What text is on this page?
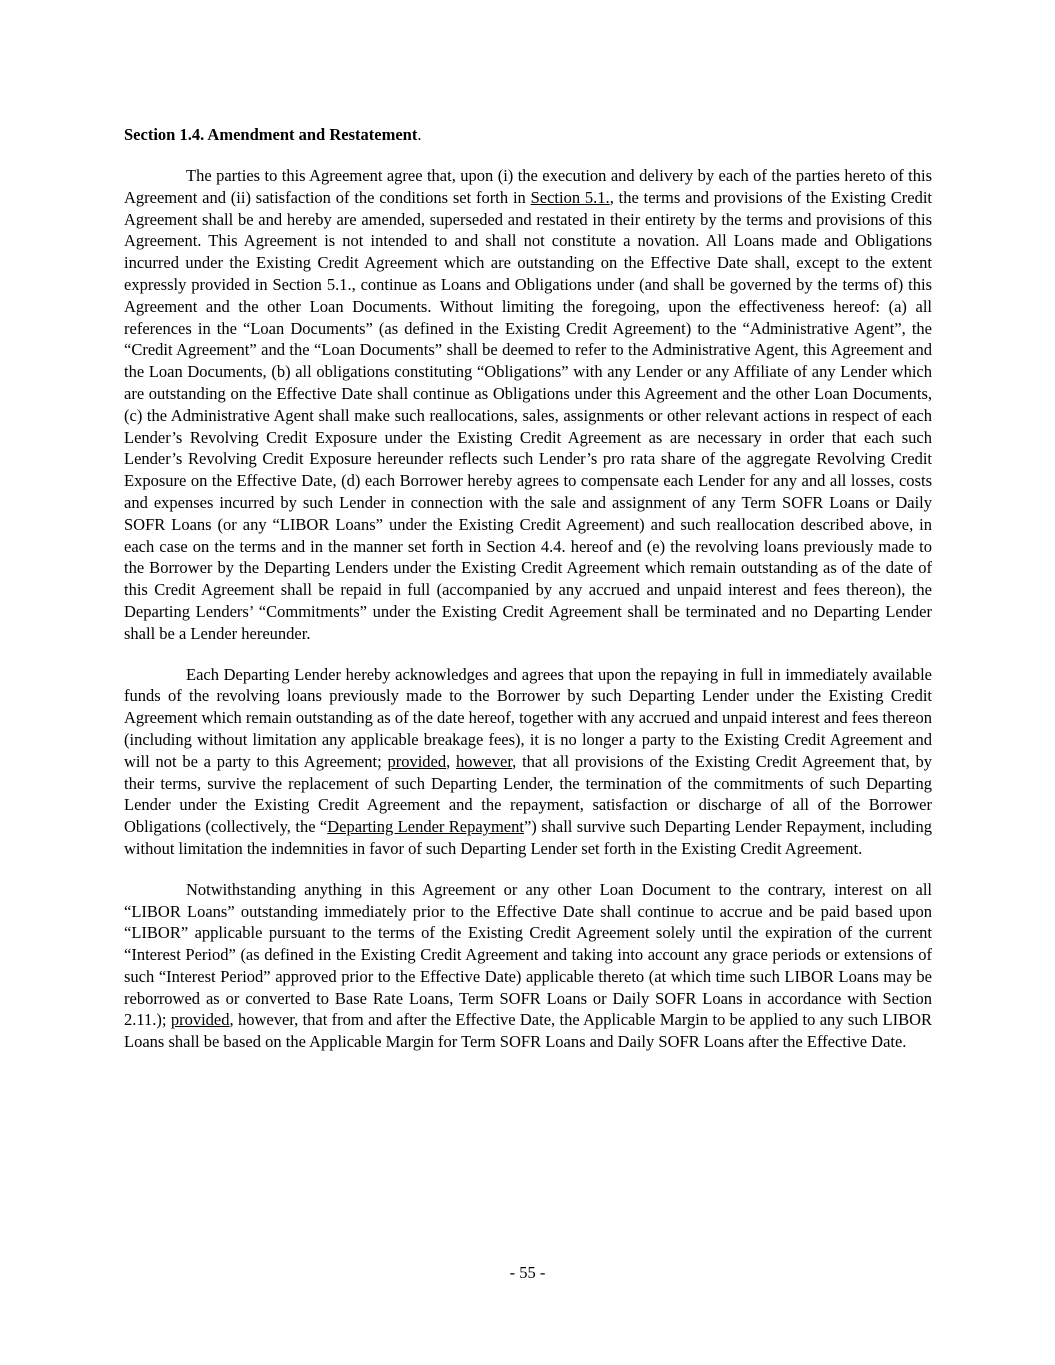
Section 1.4. Amendment and Restatement.

The parties to this Agreement agree that, upon (i) the execution and delivery by each of the parties hereto of this Agreement and (ii) satisfaction of the conditions set forth in Section 5.1., the terms and provisions of the Existing Credit Agreement shall be and hereby are amended, superseded and restated in their entirety by the terms and provisions of this Agreement. This Agreement is not intended to and shall not constitute a novation. All Loans made and Obligations incurred under the Existing Credit Agreement which are outstanding on the Effective Date shall, except to the extent expressly provided in Section 5.1., continue as Loans and Obligations under (and shall be governed by the terms of) this Agreement and the other Loan Documents. Without limiting the foregoing, upon the effectiveness hereof: (a) all references in the “Loan Documents” (as defined in the Existing Credit Agreement) to the “Administrative Agent”, the “Credit Agreement” and the “Loan Documents” shall be deemed to refer to the Administrative Agent, this Agreement and the Loan Documents, (b) all obligations constituting “Obligations” with any Lender or any Affiliate of any Lender which are outstanding on the Effective Date shall continue as Obligations under this Agreement and the other Loan Documents, (c) the Administrative Agent shall make such reallocations, sales, assignments or other relevant actions in respect of each Lender’s Revolving Credit Exposure under the Existing Credit Agreement as are necessary in order that each such Lender’s Revolving Credit Exposure hereunder reflects such Lender’s pro rata share of the aggregate Revolving Credit Exposure on the Effective Date, (d) each Borrower hereby agrees to compensate each Lender for any and all losses, costs and expenses incurred by such Lender in connection with the sale and assignment of any Term SOFR Loans or Daily SOFR Loans (or any “LIBOR Loans” under the Existing Credit Agreement) and such reallocation described above, in each case on the terms and in the manner set forth in Section 4.4. hereof and (e) the revolving loans previously made to the Borrower by the Departing Lenders under the Existing Credit Agreement which remain outstanding as of the date of this Credit Agreement shall be repaid in full (accompanied by any accrued and unpaid interest and fees thereon), the Departing Lenders’ “Commitments” under the Existing Credit Agreement shall be terminated and no Departing Lender shall be a Lender hereunder.

Each Departing Lender hereby acknowledges and agrees that upon the repaying in full in immediately available funds of the revolving loans previously made to the Borrower by such Departing Lender under the Existing Credit Agreement which remain outstanding as of the date hereof, together with any accrued and unpaid interest and fees thereon (including without limitation any applicable breakage fees), it is no longer a party to the Existing Credit Agreement and will not be a party to this Agreement; provided, however, that all provisions of the Existing Credit Agreement that, by their terms, survive the replacement of such Departing Lender, the termination of the commitments of such Departing Lender under the Existing Credit Agreement and the repayment, satisfaction or discharge of all of the Borrower Obligations (collectively, the “Departing Lender Repayment”) shall survive such Departing Lender Repayment, including without limitation the indemnities in favor of such Departing Lender set forth in the Existing Credit Agreement.

Notwithstanding anything in this Agreement or any other Loan Document to the contrary, interest on all “LIBOR Loans” outstanding immediately prior to the Effective Date shall continue to accrue and be paid based upon “LIBOR” applicable pursuant to the terms of the Existing Credit Agreement solely until the expiration of the current “Interest Period” (as defined in the Existing Credit Agreement and taking into account any grace periods or extensions of such “Interest Period” approved prior to the Effective Date) applicable thereto (at which time such LIBOR Loans may be reborrowed as or converted to Base Rate Loans, Term SOFR Loans or Daily SOFR Loans in accordance with Section 2.11.); provided, however, that from and after the Effective Date, the Applicable Margin to be applied to any such LIBOR Loans shall be based on the Applicable Margin for Term SOFR Loans and Daily SOFR Loans after the Effective Date.

- 55 -
